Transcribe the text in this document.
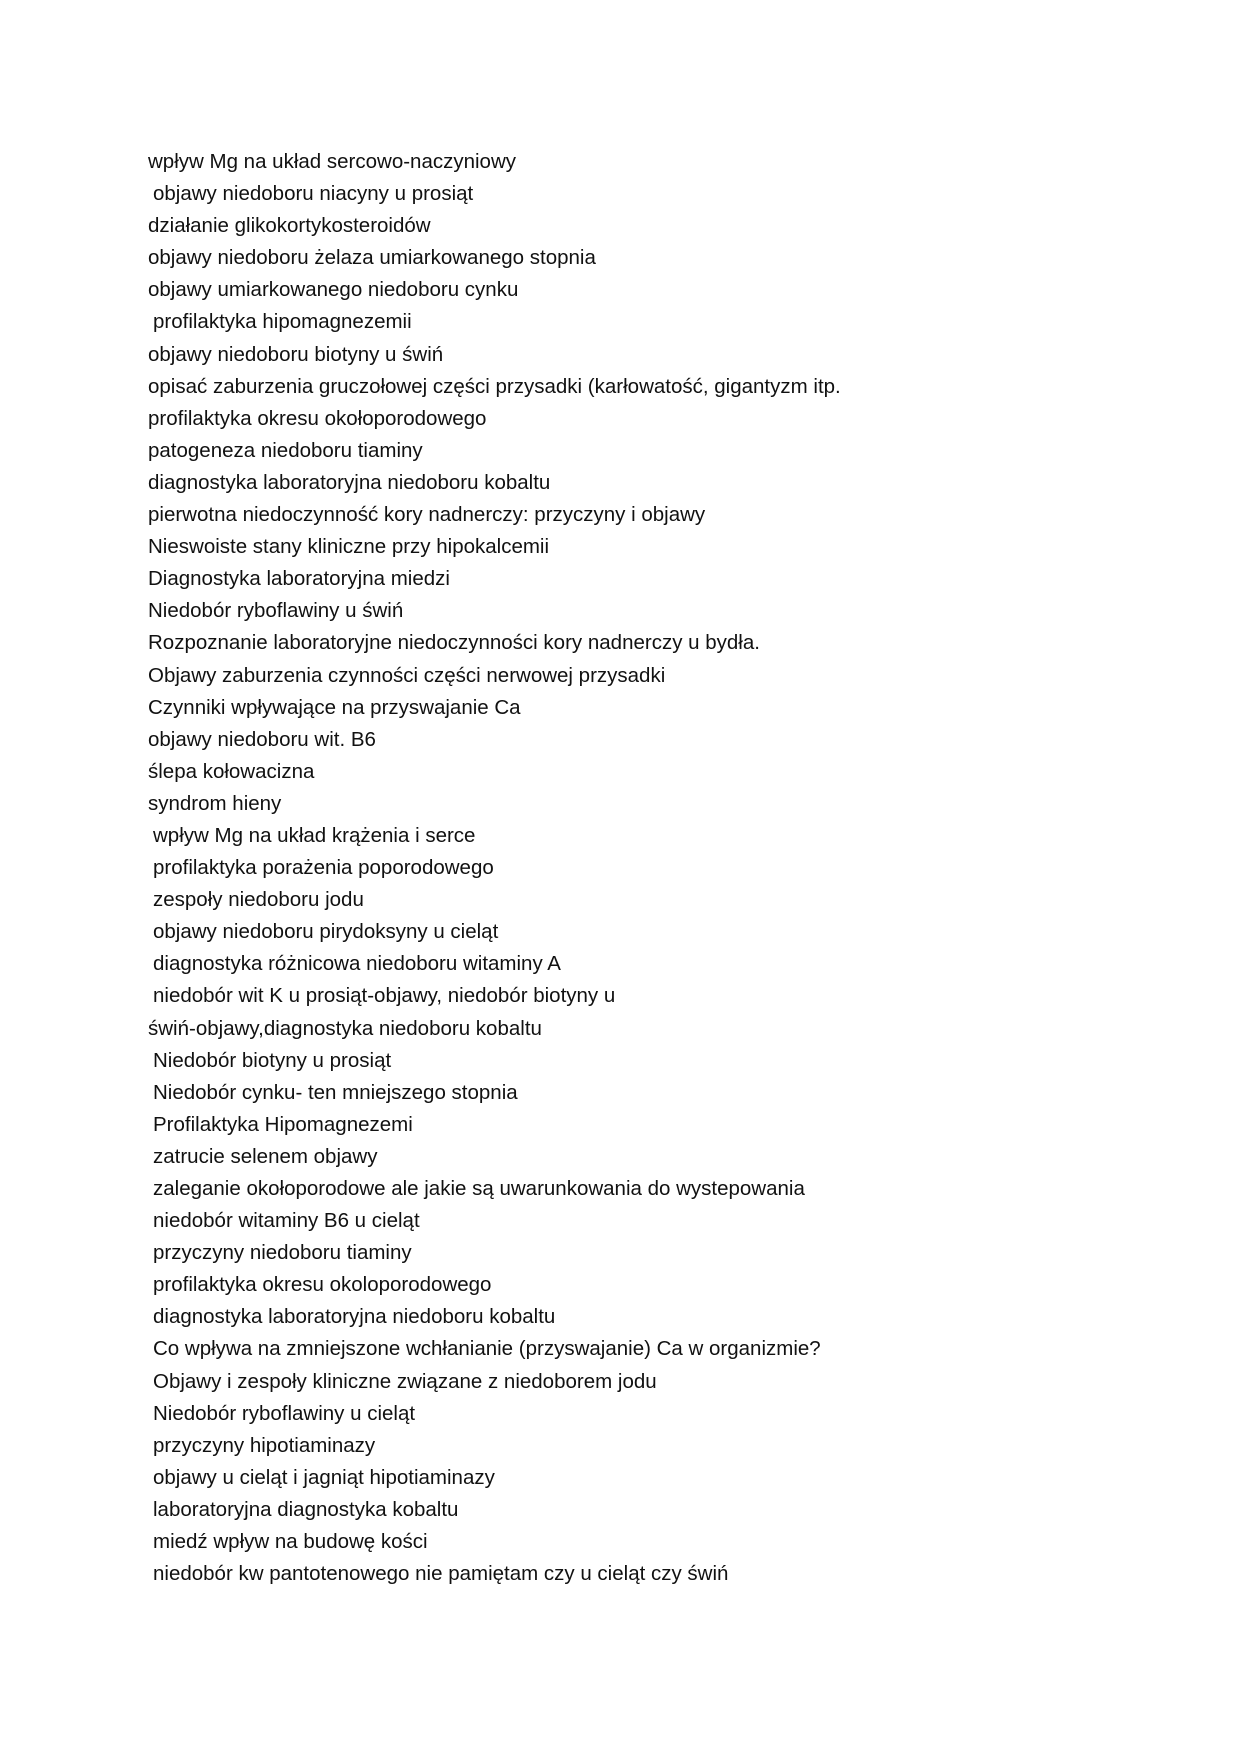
wpływ Mg na układ sercowo-naczyniowy
objawy niedoboru niacyny u prosiąt
działanie glikokortykosteroidów
objawy niedoboru żelaza umiarkowanego stopnia
objawy umiarkowanego niedoboru cynku
profilaktyka hipomagnezemii
objawy niedoboru biotyny u świń
opisać zaburzenia gruczołowej części przysadki (karłowatość, gigantyzm itp.
profilaktyka okresu okołoporodowego
patogeneza niedoboru tiaminy
diagnostyka laboratoryjna niedoboru kobaltu
pierwotna niedoczynność kory nadnerczy: przyczyny i objawy
Nieswoiste stany kliniczne przy hipokalcemii
Diagnostyka laboratoryjna miedzi
Niedobór ryboflawiny u świń
Rozpoznanie laboratoryjne niedoczynności kory nadnerczy u bydła.
Objawy zaburzenia czynności części nerwowej przysadki
Czynniki wpływające na przyswajanie Ca
objawy niedoboru wit. B6
ślepa kołowacizna
syndrom hieny
wpływ Mg na układ krążenia i serce
profilaktyka porażenia poporodowego
zespoły niedoboru jodu
objawy niedoboru pirydoksyny u cieląt
diagnostyka różnicowa niedoboru witaminy A
niedobór wit K u prosiąt-objawy, niedobór biotyny u
świń-objawy,diagnostyka niedoboru kobaltu
Niedobór biotyny u prosiąt
Niedobór cynku- ten mniejszego stopnia
Profilaktyka Hipomagnezemi
zatrucie selenem objawy
zaleganie okołoporodowe ale jakie są uwarunkowania do wystepowania
niedobór witaminy B6 u cieląt
przyczyny niedoboru tiaminy
profilaktyka okresu okoloporodowego
diagnostyka laboratoryjna niedoboru kobaltu
Co wpływa na zmniejszone wchłanianie (przyswajanie) Ca w organizmie?
Objawy i zespoły kliniczne związane z niedoborem jodu
Niedobór ryboflawiny u cieląt
przyczyny hipotiaminazy
objawy u cieląt i jagniąt hipotiaminazy
laboratoryjna diagnostyka kobaltu
miedź wpływ na budowę kości
niedobór kw pantotenowego nie pamiętam czy u cieląt czy świń
